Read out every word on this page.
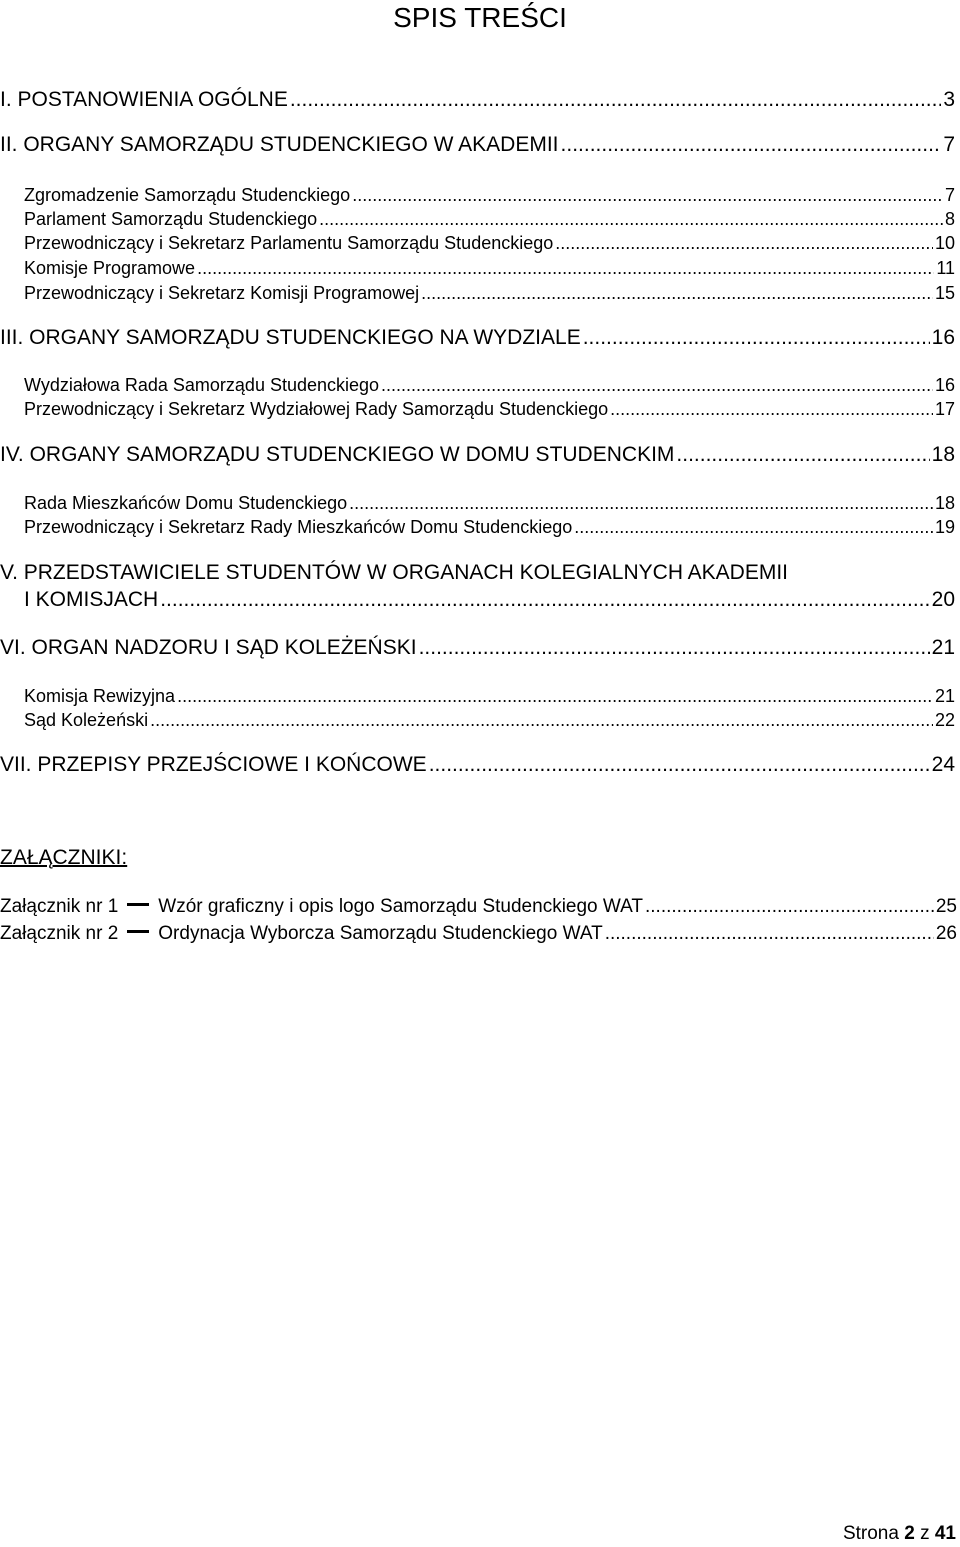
SPIS TREŚCI
I. POSTANOWIENIA OGÓLNE .....	3
II. ORGANY SAMORZĄDU STUDENCKIEGO W AKADEMII .....	7
Zgromadzenie Samorządu Studenckiego .....	7
Parlament Samorządu Studenckiego .....	8
Przewodniczący i Sekretarz Parlamentu Samorządu Studenckiego .....	10
Komisje Programowe .....	11
Przewodniczący i Sekretarz Komisji Programowej .....	15
III. ORGANY SAMORZĄDU STUDENCKIEGO NA WYDZIALE .....	16
Wydziałowa Rada Samorządu Studenckiego .....	16
Przewodniczący i Sekretarz Wydziałowej Rady Samorządu Studenckiego .....	17
IV. ORGANY SAMORZĄDU STUDENCKIEGO W DOMU STUDENCKIM .....	18
Rada Mieszkańców Domu Studenckiego .....	18
Przewodniczący i Sekretarz Rady Mieszkańców Domu Studenckiego .....	19
V. PRZEDSTAWICIELE STUDENTÓW W ORGANACH KOLEGIALNYCH AKADEMII
I KOMISJACH .....	20
VI. ORGAN NADZORU I SĄD KOLEŻEŃSKI .....	21
Komisja Rewizyjna .....	21
Sąd Koleżeński .....	22
VII. PRZEPISY PRZEJŚCIOWE I KOŃCOWE .....	24
ZAŁĄCZNIKI:
Załącznik nr 1 Wzór graficzny i opis logo Samorządu Studenckiego WAT .....	25
Załącznik nr 2 Ordynacja Wyborcza Samorządu Studenckiego WAT .....	26
Strona 2 z 41
